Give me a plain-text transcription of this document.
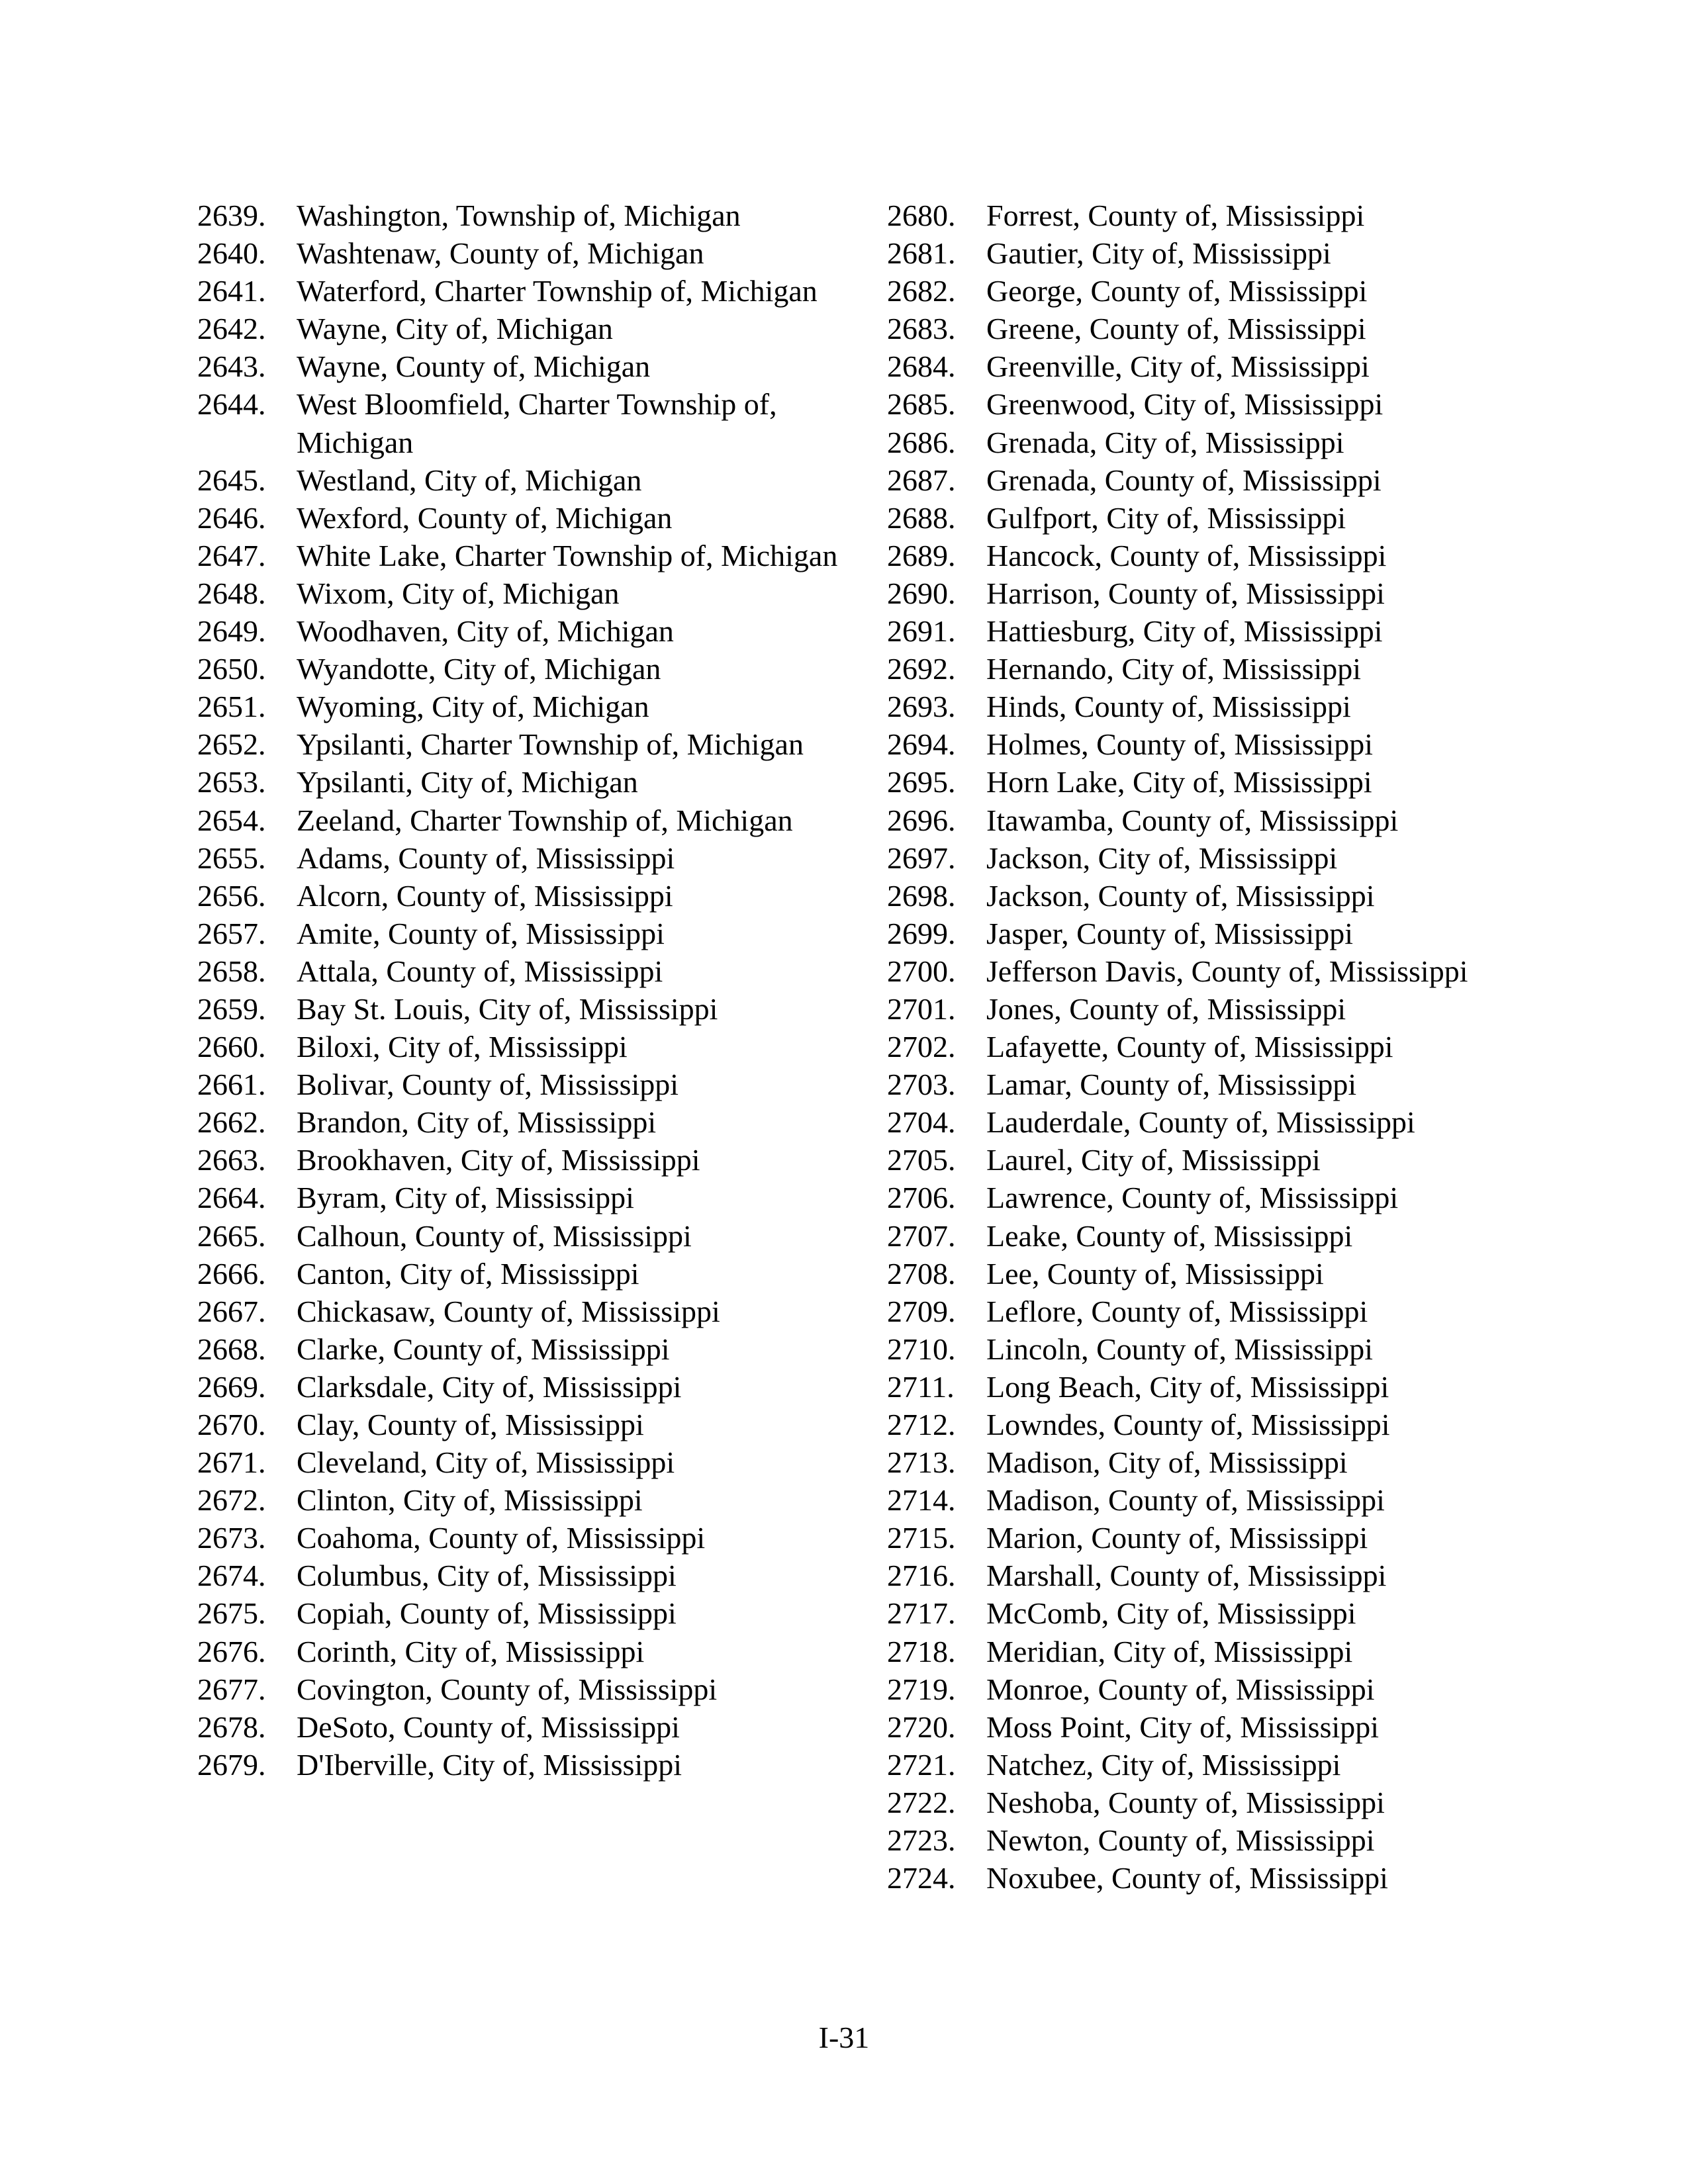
2639.	Washington, Township of, Michigan
2640.	Washtenaw, County of, Michigan
2641.	Waterford, Charter Township of, Michigan
2642.	Wayne, City of, Michigan
2643.	Wayne, County of, Michigan
2644.	West Bloomfield, Charter Township of, Michigan
2645.	Westland, City of, Michigan
2646.	Wexford, County of, Michigan
2647.	White Lake, Charter Township of, Michigan
2648.	Wixom, City of, Michigan
2649.	Woodhaven, City of, Michigan
2650.	Wyandotte, City of, Michigan
2651.	Wyoming, City of, Michigan
2652.	Ypsilanti, Charter Township of, Michigan
2653.	Ypsilanti, City of, Michigan
2654.	Zeeland, Charter Township of, Michigan
2655.	Adams, County of, Mississippi
2656.	Alcorn, County of, Mississippi
2657.	Amite, County of, Mississippi
2658.	Attala, County of, Mississippi
2659.	Bay St. Louis, City of, Mississippi
2660.	Biloxi, City of, Mississippi
2661.	Bolivar, County of, Mississippi
2662.	Brandon, City of, Mississippi
2663.	Brookhaven, City of, Mississippi
2664.	Byram, City of, Mississippi
2665.	Calhoun, County of, Mississippi
2666.	Canton, City of, Mississippi
2667.	Chickasaw, County of, Mississippi
2668.	Clarke, County of, Mississippi
2669.	Clarksdale, City of, Mississippi
2670.	Clay, County of, Mississippi
2671.	Cleveland, City of, Mississippi
2672.	Clinton, City of, Mississippi
2673.	Coahoma, County of, Mississippi
2674.	Columbus, City of, Mississippi
2675.	Copiah, County of, Mississippi
2676.	Corinth, City of, Mississippi
2677.	Covington, County of, Mississippi
2678.	DeSoto, County of, Mississippi
2679.	D'Iberville, City of, Mississippi
2680.	Forrest, County of, Mississippi
2681.	Gautier, City of, Mississippi
2682.	George, County of, Mississippi
2683.	Greene, County of, Mississippi
2684.	Greenville, City of, Mississippi
2685.	Greenwood, City of, Mississippi
2686.	Grenada, City of, Mississippi
2687.	Grenada, County of, Mississippi
2688.	Gulfport, City of, Mississippi
2689.	Hancock, County of, Mississippi
2690.	Harrison, County of, Mississippi
2691.	Hattiesburg, City of, Mississippi
2692.	Hernando, City of, Mississippi
2693.	Hinds, County of, Mississippi
2694.	Holmes, County of, Mississippi
2695.	Horn Lake, City of, Mississippi
2696.	Itawamba, County of, Mississippi
2697.	Jackson, City of, Mississippi
2698.	Jackson, County of, Mississippi
2699.	Jasper, County of, Mississippi
2700.	Jefferson Davis, County of, Mississippi
2701.	Jones, County of, Mississippi
2702.	Lafayette, County of, Mississippi
2703.	Lamar, County of, Mississippi
2704.	Lauderdale, County of, Mississippi
2705.	Laurel, City of, Mississippi
2706.	Lawrence, County of, Mississippi
2707.	Leake, County of, Mississippi
2708.	Lee, County of, Mississippi
2709.	Leflore, County of, Mississippi
2710.	Lincoln, County of, Mississippi
2711.	Long Beach, City of, Mississippi
2712.	Lowndes, County of, Mississippi
2713.	Madison, City of, Mississippi
2714.	Madison, County of, Mississippi
2715.	Marion, County of, Mississippi
2716.	Marshall, County of, Mississippi
2717.	McComb, City of, Mississippi
2718.	Meridian, City of, Mississippi
2719.	Monroe, County of, Mississippi
2720.	Moss Point, City of, Mississippi
2721.	Natchez, City of, Mississippi
2722.	Neshoba, County of, Mississippi
2723.	Newton, County of, Mississippi
2724.	Noxubee, County of, Mississippi
I-31
